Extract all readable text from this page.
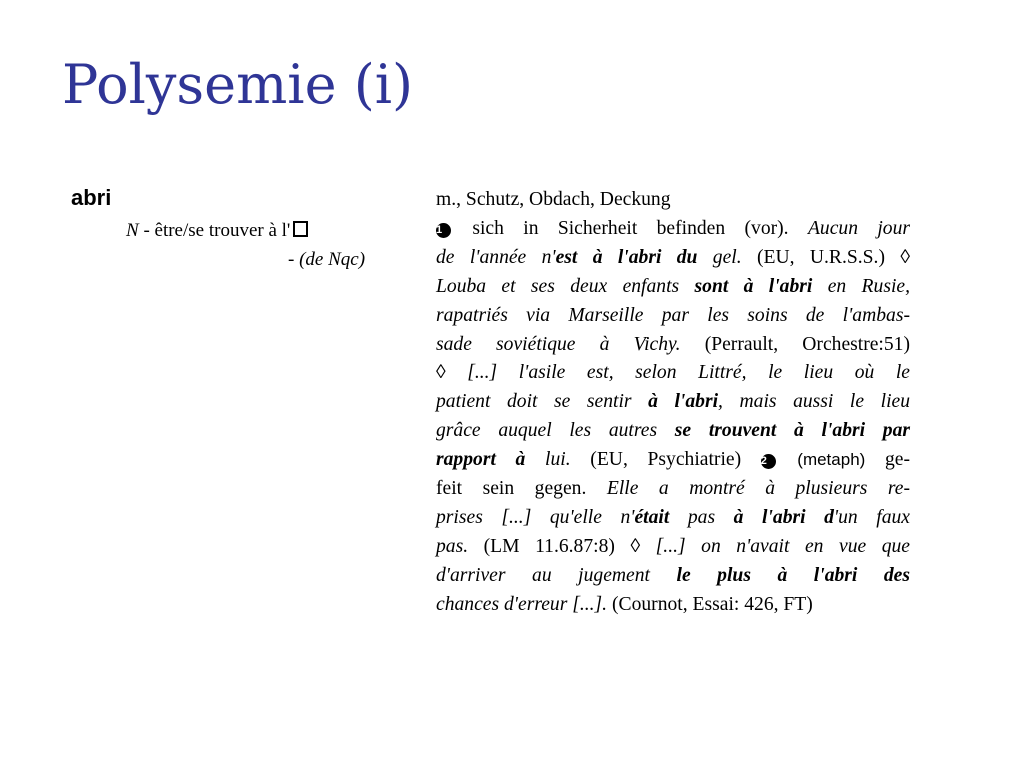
Polysemie (i)
abri
N - être/se trouver à l'
- (de Nqc)
m., Schutz, Obdach, Deckung
1 sich in Sicherheit befinden (vor). Aucun jour
de l'année n'est à l'abri du gel. (EU, U.R.S.S.) ◊
Louba et ses deux enfants sont à l'abri en Rusie,
rapatriés via Marseille par les soins de l'ambas-
sade soviétique à Vichy. (Perrault, Orchestre:51)
◊ [...] l'asile est, selon Littré, le lieu où le
patient doit se sentir à l'abri, mais aussi le lieu
grâce auquel les autres se trouvent à l'abri par
rapport à lui. (EU, Psychiatrie) 2 (metaph) ge-
feit sein gegen. Elle a montré à plusieurs re-
prises [...] qu'elle n'était pas à l'abri d'un faux
pas. (LM 11.6.87:8) ◊ [...] on n'avait en vue que
d'arriver au jugement le plus à l'abri des
chances d'erreur [...]. (Cournot, Essai: 426, FT)
